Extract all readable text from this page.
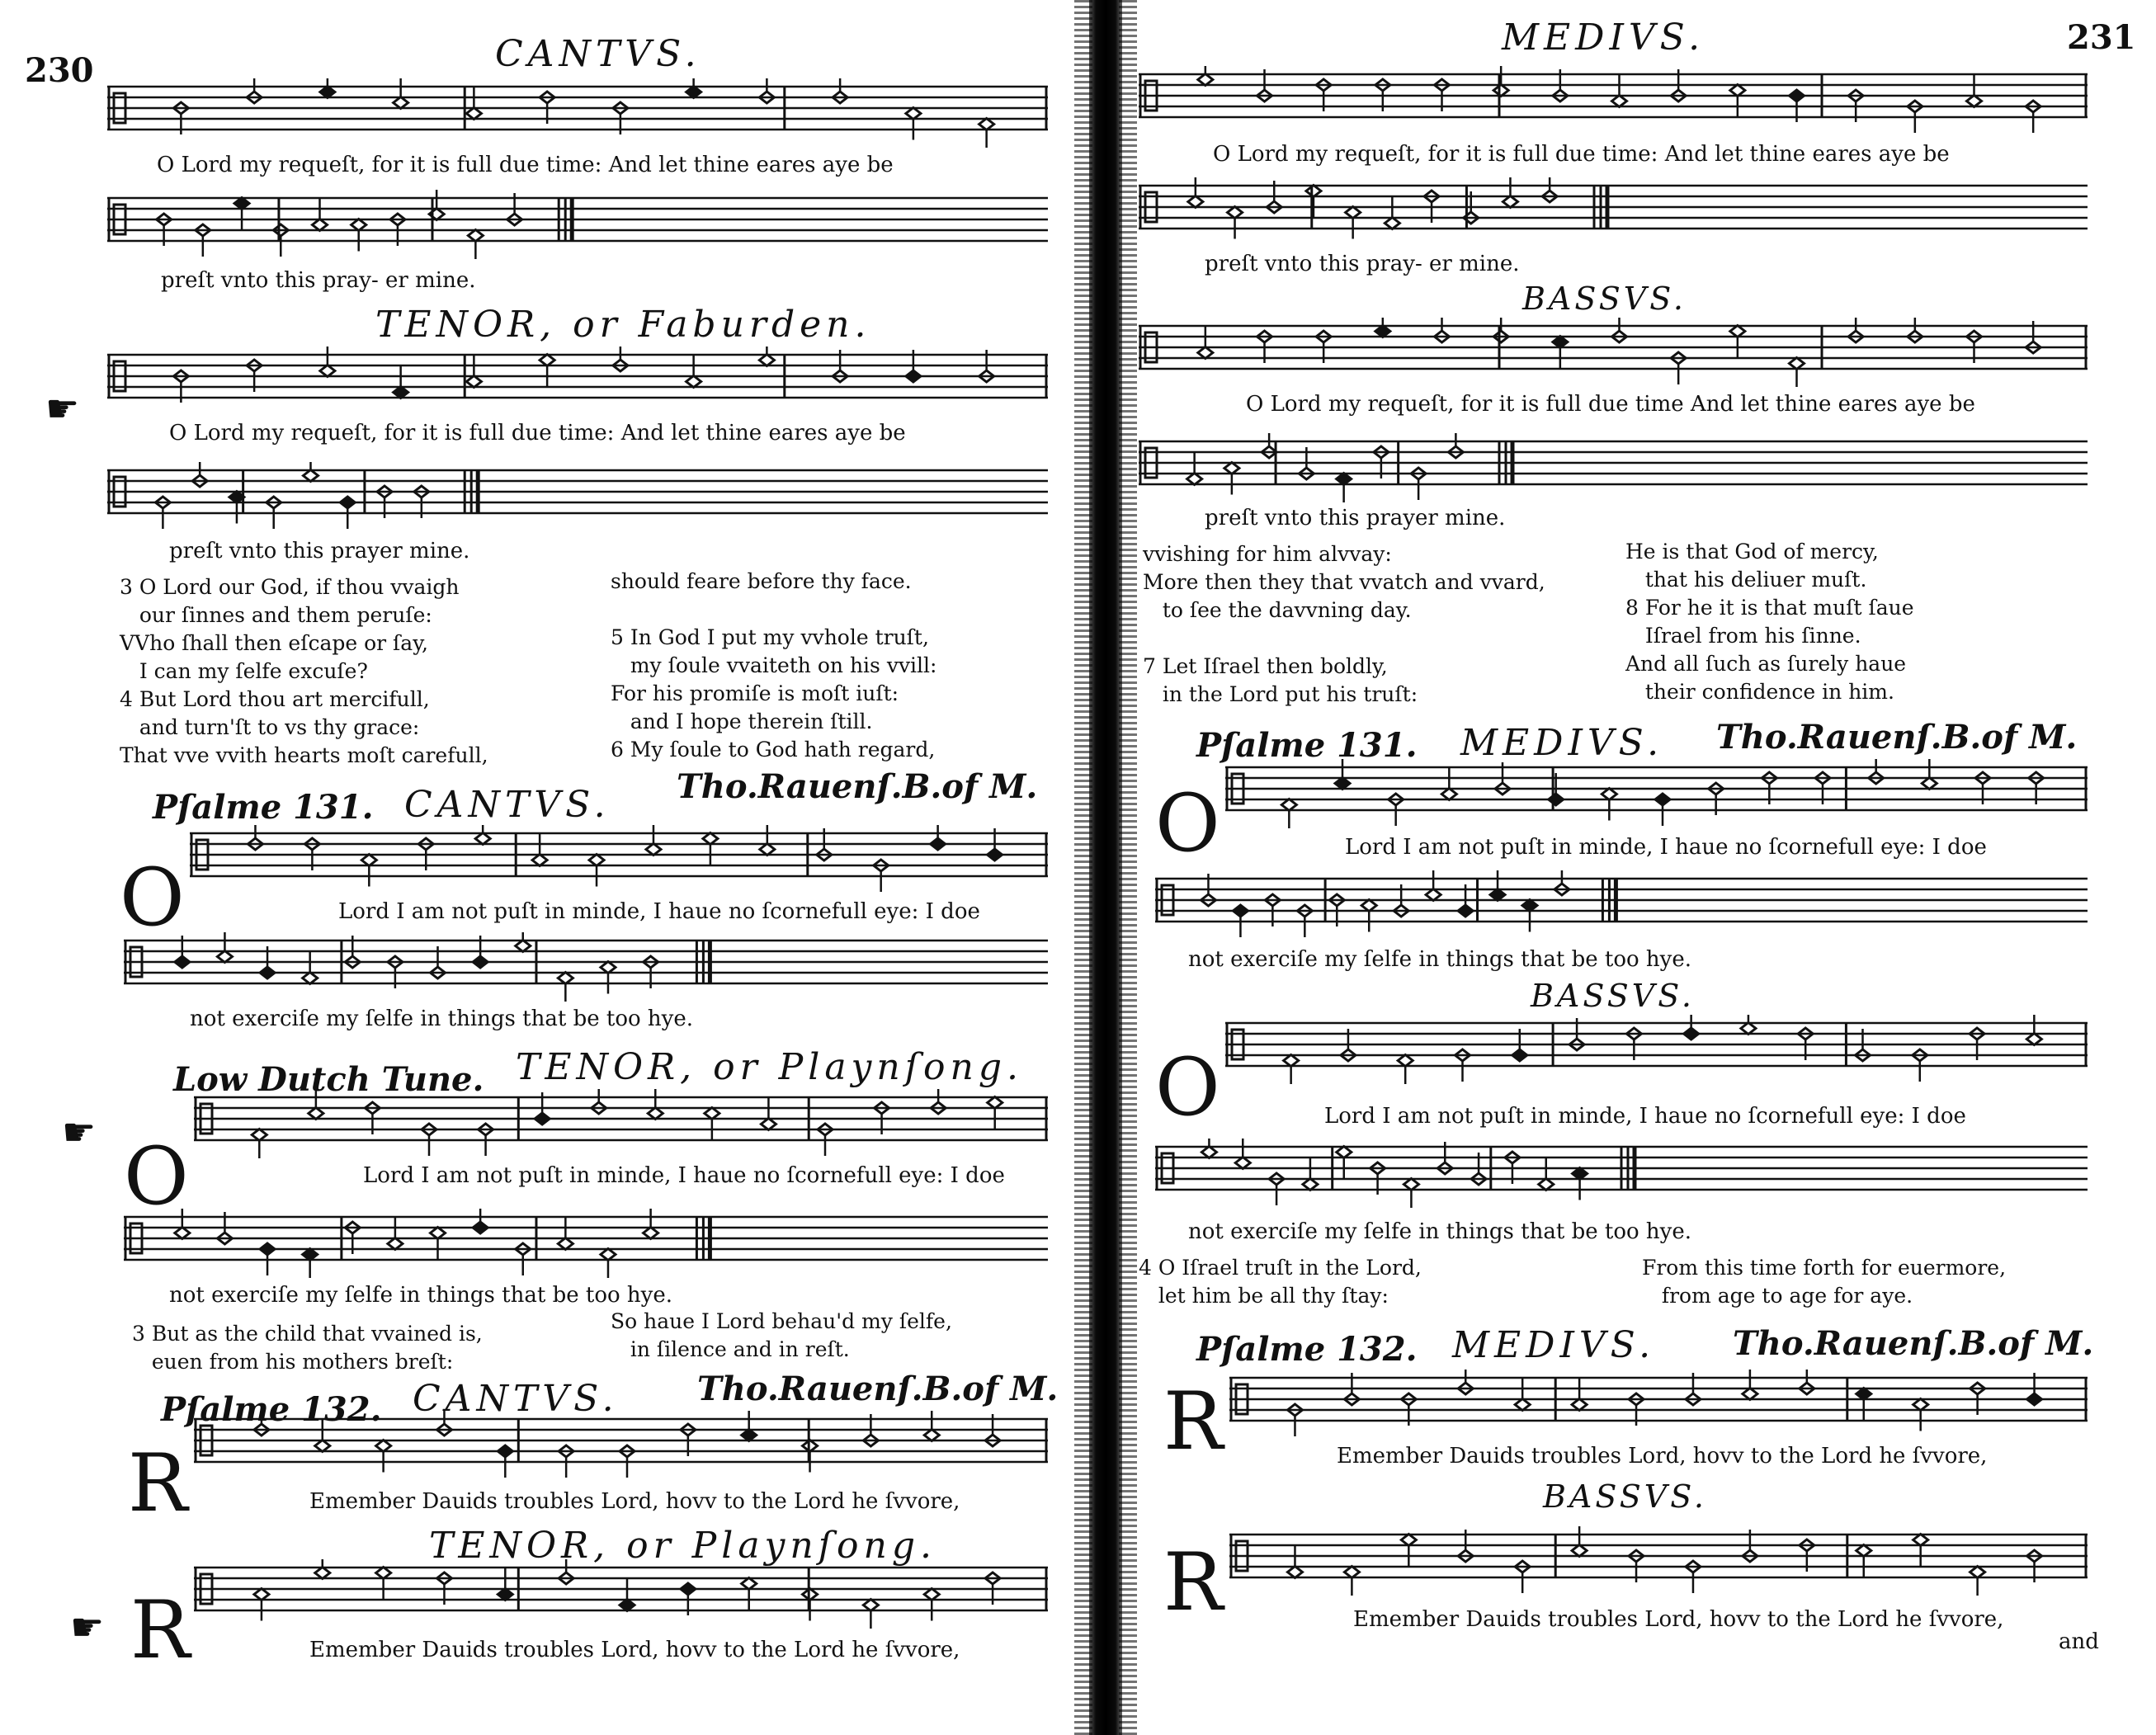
230	CANTVS.
O Lord my requeſt, for it is full due time: And let thine eares aye be
preſt vnto this pray- er mine.
TENOR, or Faburden.
☛
O Lord my requeſt, for it is full due time: And let thine eares aye be
preſt vnto this prayer mine.
3 O Lord our God, if thou vvaigh
our ſinnes and them peruſe:
VVho ſhall then eſcape or ſay,
I can my ſelfe excuſe?
4 But Lord thou art mercifull,
and turn'ſt to vs thy grace:
That vve vvith hearts moſt carefull,
should feare before thy face.

5 In God I put my vvhole truſt,
my ſoule vvaiteth on his vvill:
For his promiſe is moſt iuſt:
and I hope therein ſtill.
6 My ſoule to God hath regard,
Pſalme 131. CANTVS. Tho.Rauenſ.B.of M.
O	Lord I am not puſt in minde, I haue no ſcornefull eye: I doe
not exerciſe my ſelfe in things that be too hye.
Low Dutch Tune. TENOR, or Playnſong.
☛ O	Lord I am not puſt in minde, I haue no ſcornefull eye: I doe
not exerciſe my ſelfe in things that be too hye.
3 But as the child that vvained is,
euen from his mothers breſt:
So haue I Lord behau'd my ſelfe,
in ſilence and in reſt.
Pſalme 132. CANTVS. Tho.Rauenſ.B.of M.
R	Emember Dauids troubles Lord, hovv to the Lord he ſvvore,
TENOR, or Playnſong.
☛ R	Emember Dauids troubles Lord, hovv to the Lord he ſvvore,
231
MEDIVS.
O Lord my requeſt, for it is full due time: And let thine eares aye be
preſt vnto this pray- er mine.
BASSVS.
O Lord my requeſt, for it is full due time And let thine eares aye be
preſt vnto this prayer mine.
vvishing for him alvvay:
More then they that vvatch and vvard,
to ſee the davvning day.

7 Let Iſrael then boldly,
in the Lord put his truſt:
He is that God of mercy,
that his deliuer muſt.
8 For he it is that muſt ſaue
Iſrael from his ſinne.
And all ſuch as ſurely haue
their confidence in him.
Pſalme 131. MEDIVS. Tho.Rauenſ.B.of M.
O	Lord I am not puſt in minde, I haue no ſcornefull eye: I doe
not exerciſe my ſelfe in things that be too hye.
BASSVS.
O	Lord I am not puſt in minde, I haue no ſcornefull eye: I doe
not exerciſe my ſelfe in things that be too hye.
4 O Iſrael truſt in the Lord,
let him be all thy ſtay:
From this time forth for euermore,
from age to age for aye.
Pſalme 132. MEDIVS. Tho.Rauenſ.B.of M.
R	Emember Dauids troubles Lord, hovv to the Lord he ſvvore,
BASSVS.
R	Emember Dauids troubles Lord, hovv to the Lord he ſvvore,
and
